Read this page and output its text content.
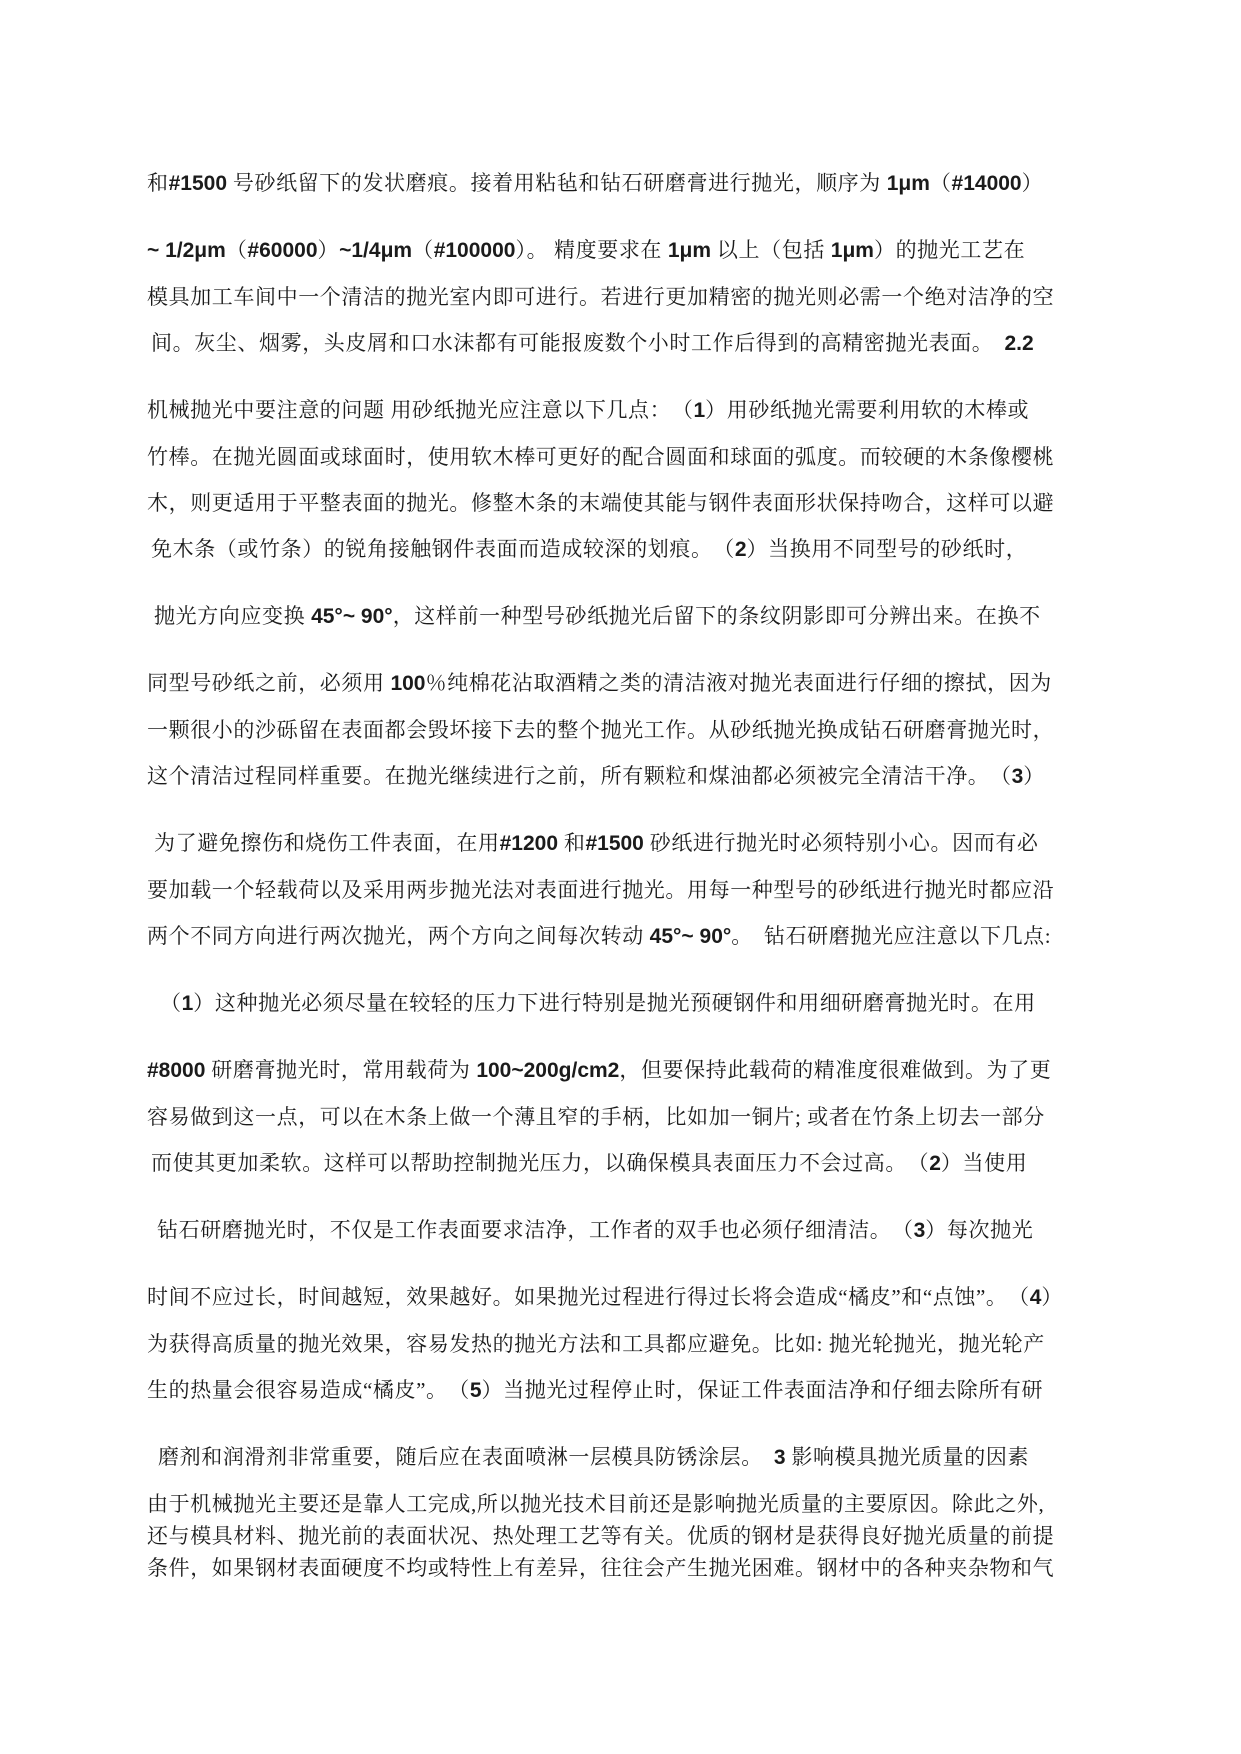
和#1500 号砂纸留下的发状磨痕。接着用粘毡和钻石研磨膏进行抛光，顺序为 1μm（#14000）
~ 1/2μm（#60000）~1/4μm（#100000）。 精度要求在 1μm 以上（包括 1μm）的抛光工艺在
模具加工车间中一个清洁的抛光室内即可进行。若进行更加精密的抛光则必需一个绝对洁净的空
间。灰尘、烟雾，头皮屑和口水沫都有可能报废数个小时工作后得到的高精密抛光表面。　2.2
机械抛光中要注意的问题 用砂纸抛光应注意以下几点：　（1）用砂纸抛光需要利用软的木棒或
竹棒。在抛光圆面或球面时，使用软木棒可更好的配合圆面和球面的弧度。而较硬的木条像樱桃
木，则更适用于平整表面的抛光。修整木条的末端使其能与钢件表面形状保持吻合，这样可以避
免木条（或竹条）的锐角接触钢件表面而造成较深的划痕。　（2）当换用不同型号的砂纸时，
抛光方向应变换 45°~ 90°，这样前一种型号砂纸抛光后留下的条纹阴影即可分辨出来。在换不
同型号砂纸之前，必须用 100％纯棉花沾取酒精之类的清洁液对抛光表面进行仔细的擦拭，因为
一颗很小的沙砾留在表面都会毁坏接下去的整个抛光工作。从砂纸抛光换成钻石研磨膏抛光时，
这个清洁过程同样重要。在抛光继续进行之前，所有颗粒和煤油都必须被完全清洁干净。　（3）
为了避免擦伤和烧伤工件表面，在用#1200 和#1500 砂纸进行抛光时必须特别小心。因而有必
要加载一个轻载荷以及采用两步抛光法对表面进行抛光。用每一种型号的砂纸进行抛光时都应沿
两个不同方向进行两次抛光，两个方向之间每次转动 45°~ 90°。　钻石研磨抛光应注意以下几点:
（1）这种抛光必须尽量在较轻的压力下进行特别是抛光预硬钢件和用细研磨膏抛光时。在用
#8000 研磨膏抛光时，常用载荷为 100~200g/cm2，但要保持此载荷的精准度很难做到。为了更
容易做到这一点，可以在木条上做一个薄且窄的手柄，比如加一铜片; 或者在竹条上切去一部分
而使其更加柔软。这样可以帮助控制抛光压力，以确保模具表面压力不会过高。　（2）当使用
钻石研磨抛光时，不仅是工作表面要求洁净，工作者的双手也必须仔细清洁。　（3）每次抛光
时间不应过长，时间越短，效果越好。如果抛光过程进行得过长将会造成“橘皮”和“点蚀”。　（4）
为获得高质量的抛光效果，容易发热的抛光方法和工具都应避免。比如: 抛光轮抛光，抛光轮产
生的热量会很容易造成“橘皮”。　（5）当抛光过程停止时，保证工件表面洁净和仔细去除所有研
磨剂和润滑剂非常重要，随后应在表面喷淋一层模具防锈涂层。　3 影响模具抛光质量的因素
由于机械抛光主要还是靠人工完成,所以抛光技术目前还是影响抛光质量的主要原因。除此之外,
还与模具材料、抛光前的表面状况、热处理工艺等有关。优质的钢材是获得良好抛光质量的前提
条件，如果钢材表面硬度不均或特性上有差异，往往会产生抛光困难。钢材中的各种夹杂物和气
